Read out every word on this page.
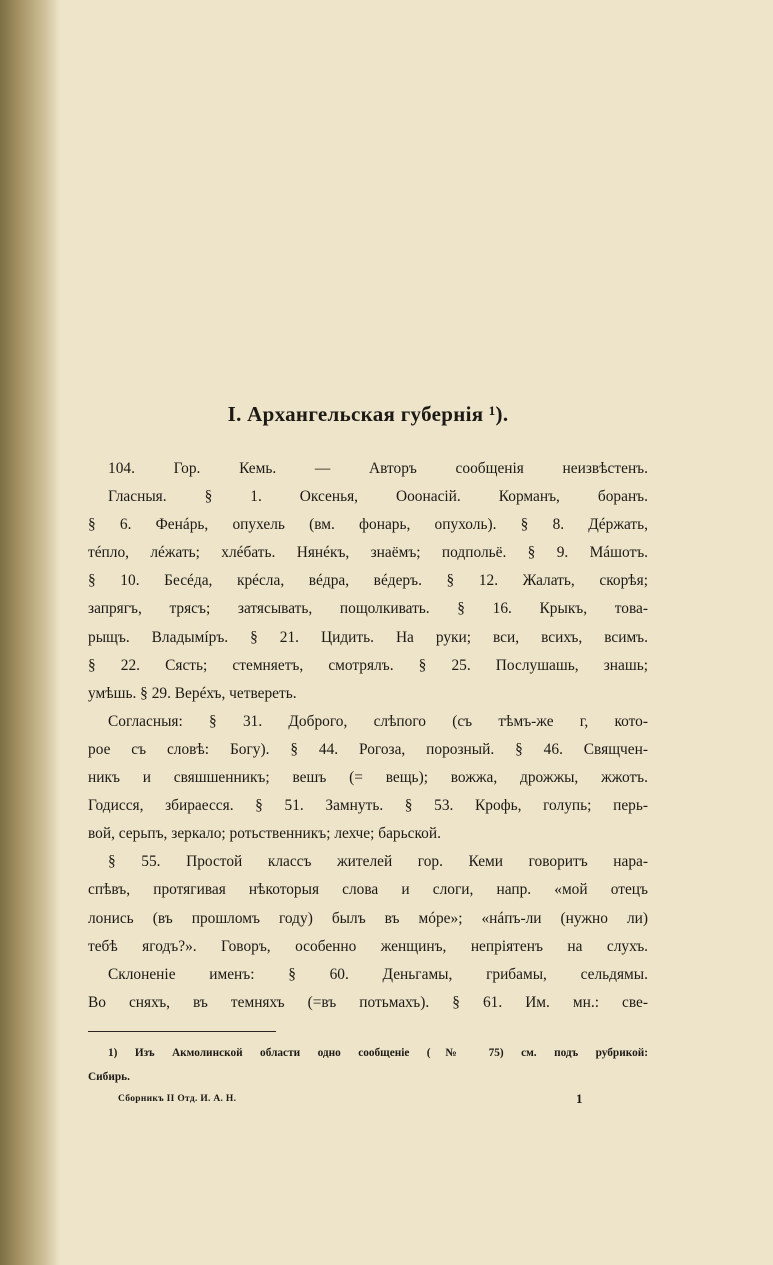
I. Архангельская губернія ¹).
104. Гор. Кемь. — Авторъ сообщенія неизвѣстенъ.
Гласныя. § 1. Оксенья, Ооонасій. Корманъ, боранъ.
§ 6. Фенáрь, опухель (вм. фонарь, опухоль). § 8. Дéржать,
тéпло, лéжать; хлéбать. Нянéкъ, знаёмъ; подпольё. § 9. Мáшотъ.
§ 10. Бесéда, крéсла, вéдра, вéдеръ. § 12. Жалать, скорѣя;
запрягъ, трясъ; затясывать, пощолкивать. § 16. Крыкъ, това-
рыщъ. Владымíръ. § 21. Цидить. На руки; вси, всихъ, всимъ.
§ 22. Сясть; стемняетъ, смотрялъ. § 25. Послушашь, знашь;
умѣшь. § 29. Верéхъ, четвереть.
Согласныя: § 31. Доброго, слѣпого (съ тѣмъ-же г, кото-
рое съ словѣ: Богу). § 44. Рогоза, порозный. § 46. Свящчен-
никъ и свяшшенникъ; вешъ (= вещь); вожжа, дрожжы, жжотъ.
Годисся, збираесся. § 51. Замнуть. § 53. Крофь, голупь; перь-
вой, серьпъ, зеркало; ротьственникъ; лехче; барьской.
§ 55. Простой классъ жителей гор. Кеми говоритъ нара-
спѣвъ, протягивая нѣкоторыя слова и слоги, напр. «мой отецъ
лонись (въ прошломъ году) былъ въ мóре»; «нáпъ-ли (нужно ли)
тебѣ ягодъ?». Говоръ, особенно женщинъ, непріятенъ на слухъ.
Склоненіе именъ: § 60. Деньгамы, грибамы, сельдямы.
Во сняхъ, въ темняхъ (=въ потьмахъ). § 61. Им. мн.: све-
1) Изъ Акмолинской области одно сообщеніе (№ 75) см. подъ рубрикой:
Сибирь.
Сборникъ II Отд. И. А. Н.	1
